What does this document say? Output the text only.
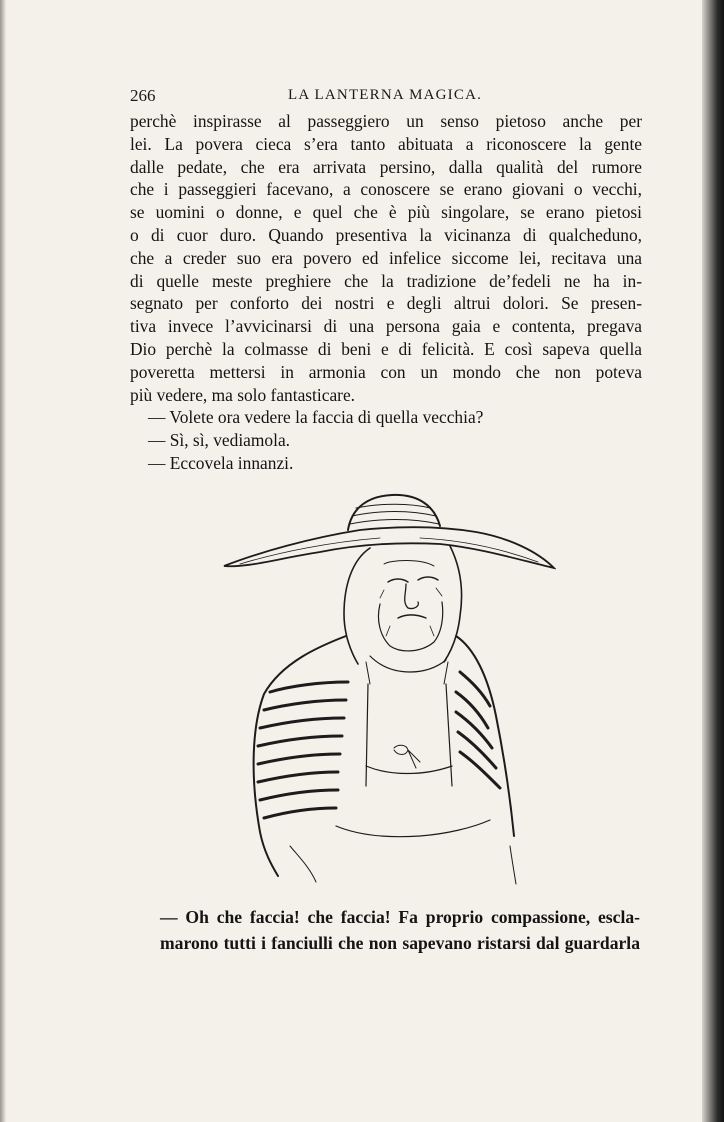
266	LA LANTERNA MAGICA.
perchè inspirasse al passeggiero un senso pietoso anche per
lei. La povera cieca s’era tanto abituata a riconoscere la gente
dalle pedate, che era arrivata persino, dalla qualità del rumore
che i passeggieri facevano, a conoscere se erano giovani o vecchi,
se uomini o donne, e quel che è più singolare, se erano pietosi
o di cuor duro. Quando presentiva la vicinanza di qualcheduno,
che a creder suo era povero ed infelice siccome lei, recitava una
di quelle meste preghiere che la tradizione de’fedeli ne ha in-
segnato per conforto dei nostri e degli altrui dolori. Se presen-
tiva invece l’avvicinarsi di una persona gaia e contenta, pregava
Dio perchè la colmasse di beni e di felicità. E così sapeva quella
poveretta mettersi in armonia con un mondo che non poteva
più vedere, ma solo fantasticare.
— Volete ora vedere la faccia di quella vecchia?
— Sì, sì, vediamola.
— Eccovela innanzi.
— Oh che faccia! che faccia! Fa proprio compassione, escla-
marono tutti i fanciulli che non sapevano ristarsi dal guardarla
